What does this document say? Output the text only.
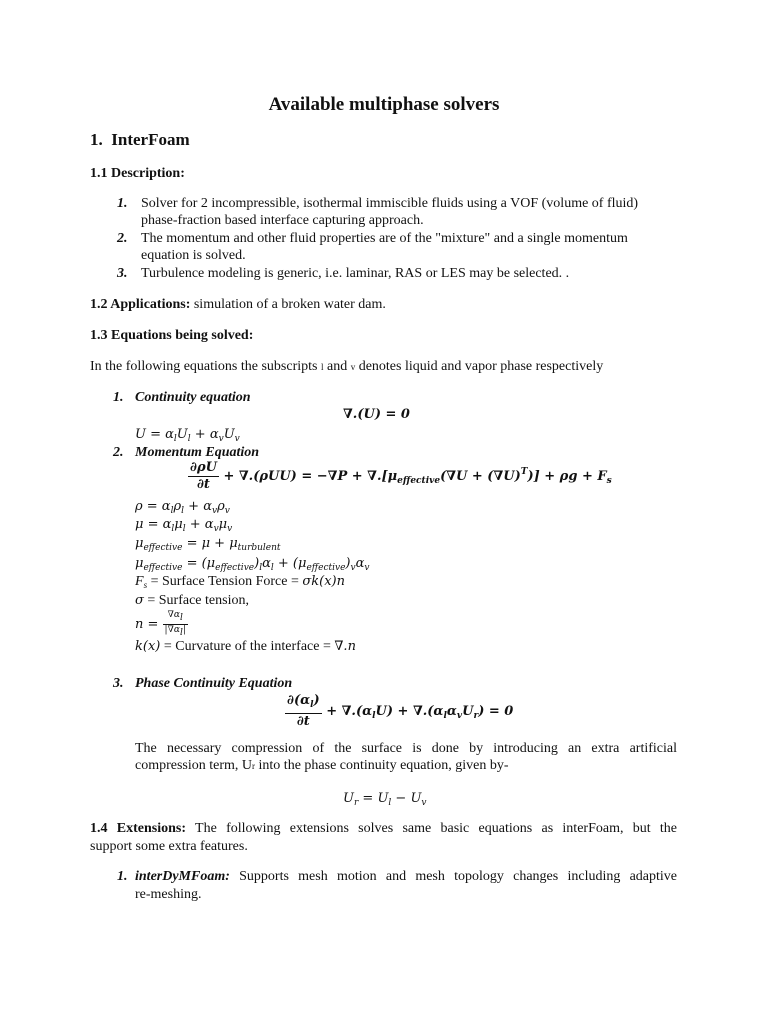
Available multiphase solvers
1. InterFoam
1.1 Description:
1. Solver for 2 incompressible, isothermal immiscible fluids using a VOF (volume of fluid)
phase-fraction based interface capturing approach.
2. The momentum and other fluid properties are of the "mixture" and a single momentum
equation is solved.
3. Turbulence modeling is generic, i.e. laminar, RAS or LES may be selected. .
1.2 Applications: simulation of a broken water dam.
1.3 Equations being solved:
In the following equations the subscripts l and v denotes liquid and vapor phase respectively
1. Continuity equation
∇.(U) = 0
$U = \alpha_lU_l + \alpha_vU_v$
2. Momentum Equation
$\frac{\partial\rho U}{\partial t} + \nabla.(\rho UU) = -\nabla P + \nabla.[\mu_{effective}(\nabla U + (\nabla U)^T)] + \rho g + F_s$
$\rho = \alpha_l\rho_l + \alpha_v\rho_v$
$\mu = \alpha_l\mu_l + \alpha_v\mu_v$
$\mu_{effective} = \mu + \mu_{turbulent}$
$\mu_{effective} = (\mu_{effective})_l\alpha_l + (\mu_{effective})_v\alpha_v$
$F_s$ = Surface Tension Force = σk(x)n
σ = Surface tension,
$n = \frac{\nabla\alpha l}{|\nabla\alpha l|}$
k(x) = Curvature of the interface = ∇.n
3. Phase Continuity Equation
$\frac{\partial(\alpha_l)}{\partial t} + \nabla.(\alpha_lU) + \nabla.(\alpha_l\alpha_vU_r) = 0$
The necessary compression of the surface is done by introducing an extra artificial
compression term, Ur into the phase continuity equation, given by-
$U_r = U_l - U_v$
1.4 Extensions: The following extensions solves same basic equations as interFoam, but the
support some extra features.
1. interDyMFoam: Supports mesh motion and mesh topology changes including adaptive
re-meshing.
